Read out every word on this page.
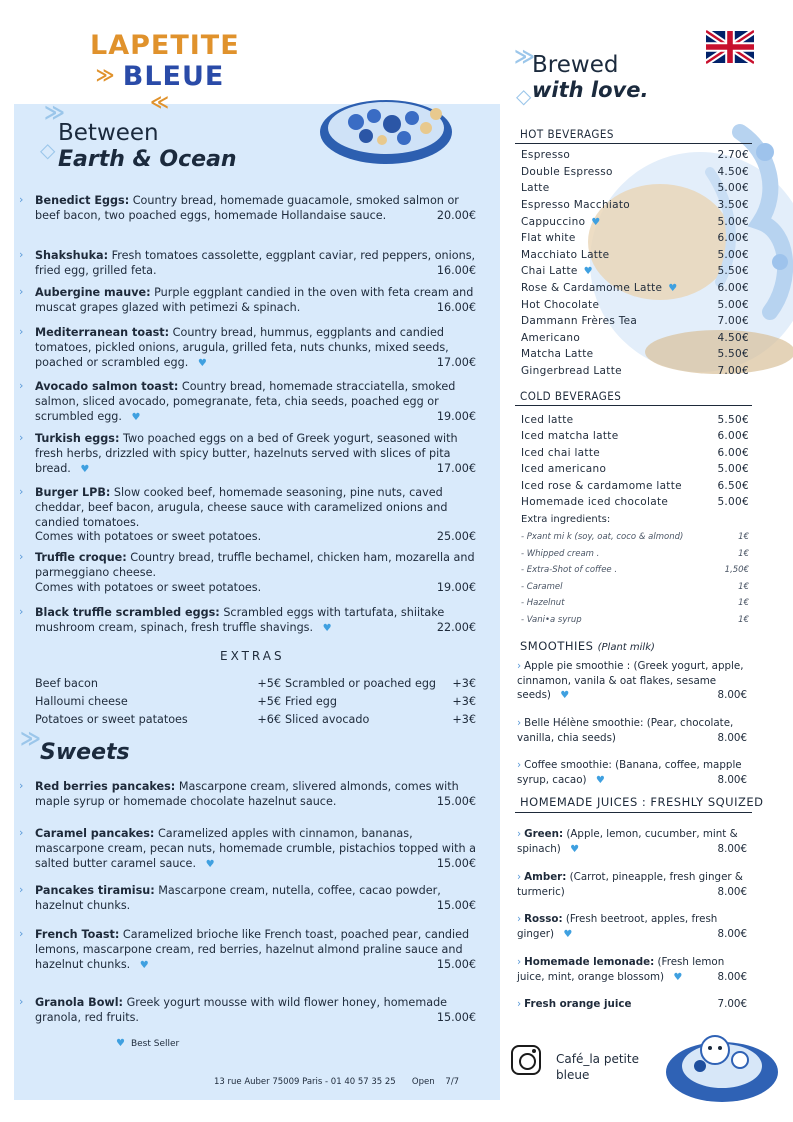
LAPETITE
≫ BLEUE ≪
≫
◇
Between
Earth & Ocean
› Benedict Eggs: Country bread, homemade guacamole, smoked salmon or beef bacon, two poached eggs, homemade Hollandaise sauce.	20.00€
› Shakshuka: Fresh tomatoes cassolette, eggplant caviar, red peppers, onions, fried egg, grilled feta.	16.00€
› Aubergine mauve: Purple eggplant candied in the oven with feta cream and muscat grapes glazed with petimezi & spinach.	16.00€
› Mediterranean toast: Country bread, hummus, eggplants and candied tomatoes, pickled onions, arugula, grilled feta, nuts chunks, mixed seeds, poached or scrambled egg. ♥	17.00€
› Avocado salmon toast: Country bread, homemade stracciatella, smoked salmon, sliced avocado, pomegranate, feta, chia seeds, poached egg or scrumbled egg. ♥	19.00€
› Turkish eggs: Two poached eggs on a bed of Greek yogurt, seasoned with fresh herbs, drizzled with spicy butter, hazelnuts served with slices of pita bread. ♥	17.00€
› Burger LPB: Slow cooked beef, homemade seasoning, pine nuts, caved cheddar, beef bacon, arugula, cheese sauce with caramelized onions and candied tomatoes.
Comes with potatoes or sweet potatoes.	25.00€
› Truffle croque: Country bread, truffle bechamel, chicken ham, mozarella and parmeggiano cheese.
Comes with potatoes or sweet potatoes.	19.00€
› Black truffle scrambled eggs: Scrambled eggs with tartufata, shiitake mushroom cream, spinach, fresh truffle shavings. ♥	22.00€
EXTRAS
Beef bacon	+5€ Scrambled or poached egg	+3€
Halloumi cheese	+5€ Fried egg	+3€
Potatoes or sweet patatoes	+6€ Sliced avocado	+3€
≫
Sweets
› Red berries pancakes: Mascarpone cream, slivered almonds, comes with maple syrup or homemade chocolate hazelnut sauce.	15.00€
› Caramel pancakes: Caramelized apples with cinnamon, bananas, mascarpone cream, pecan nuts, homemade crumble, pistachios topped with a salted butter caramel sauce. ♥	15.00€
› Pancakes tiramisu: Mascarpone cream, nutella, coffee, cacao powder, hazelnut chunks.	15.00€
› French Toast: Caramelized brioche like French toast, poached pear, candied lemons, mascarpone cream, red berries, hazelnut almond praline sauce and hazelnut chunks. ♥	15.00€
› Granola Bowl: Greek yogurt mousse with wild flower honey, homemade granola, red fruits.	15.00€
♥ Best Seller
13 rue Auber 75009 Paris - 01 40 57 35 25      Open    7/7
≫
◇
Brewed
with love.
HOT BEVERAGES
Espresso	2.70€
Double Espresso	4.50€
Latte	5.00€
Espresso Macchiato	3.50€
Cappuccino ♥	5.00€
Flat white	6.00€
Macchiato Latte	5.00€
Chai Latte ♥	5.50€
Rose & Cardamome Latte ♥	6.00€
Hot Chocolate	5.00€
Dammann Frères Tea	7.00€
Americano	4.50€
Matcha Latte	5.50€
Gingerbread Latte	7.00€
COLD BEVERAGES
Iced latte	5.50€
Iced matcha latte	6.00€
Iced chai latte	6.00€
Iced americano	5.00€
Iced rose & cardamome latte	6.50€
Homemade iced chocolate	5.00€
Extra ingredients:
- Pxant mi k (soy, oat, coco & almond)	1€
- Whipped cream .	1€
- Extra-Shot of coffee .	1,50€
- Caramel	1€
- Hazelnut	1€
- Vani•a syrup	1€
SMOOTHIES (Plant milk)
› Apple pie smoothie : (Greek yogurt, apple, cinnamon, vanila & oat flakes, sesame seeds) ♥	8.00€
› Belle Hélène smoothie: (Pear, chocolate, vanilla, chia seeds)	8.00€
› Coffee smoothie: (Banana, coffee, mapple syrup, cacao) ♥	8.00€
HOMEMADE JUICES : FRESHLY SQUIZED
› Green: (Apple, lemon, cucumber, mint & spinach) ♥	8.00€
› Amber: (Carrot, pineapple, fresh ginger & turmeric)	8.00€
› Rosso: (Fresh beetroot, apples, fresh ginger) ♥	8.00€
› Homemade lemonade: (Fresh lemon juice, mint, orange blossom) ♥	8.00€
› Fresh orange juice	7.00€
Café_la petite
bleue
